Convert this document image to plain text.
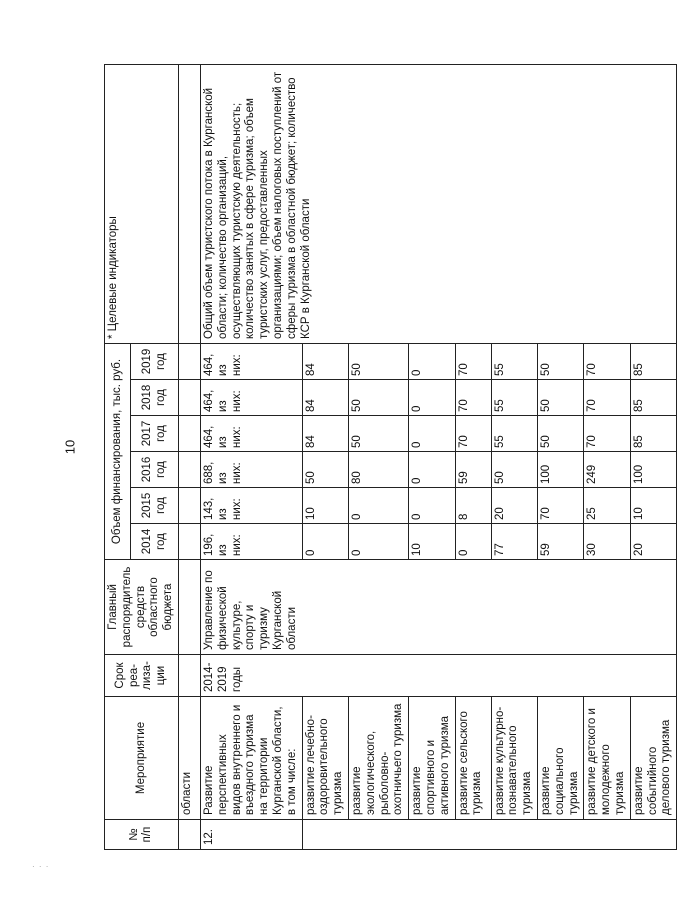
10
· · ·
№ п/п	Мероприятие	Срок реа-лиза-ции	Главный распорядитель средств областного бюджета	Объем финансирования, тыс. руб.						* Целевые индикаторы
				2014 год	2015 год	2016 год	2017 год	2018 год	2019 год	
	области									
12.	Развитие перспективных видов внутреннего и въездного туризма на территории Курганской области, в том числе:	2014-2019 годы	Управление по физической культуре, спорту и туризму Курганской области	196, из них:	143, из них:	688, из них:	464, из них:	464, из них:	464, из них:	Общий объем туристского потока в Курганской области; количество организаций, осуществляющих туристскую деятельность; количество занятых в сфере туризма; объем туристских услуг, предоставленных организациями; объем налоговых поступлений от сферы туризма в областной бюджет; количество КСР в Курганской области
	развитие лечебно-оздоровительного туризма			0	10	50	84	84	84	
	развитие экологического, рыболовно-охотничьего туризма			0	0	80	50	50	50	
	развитие спортивного и активного туризма			10	0	0	0	0	0	
	развитие сельского туризма			0	8	59	70	70	70	
	развитие культурно-познавательного туризма			77	20	50	55	55	55	
	развитие социального туризма			59	70	100	50	50	50	
	развитие детского и молодежного туризма			30	25	249	70	70	70	
	развитие событийного делового туризма			20	10	100	85	85	85	
